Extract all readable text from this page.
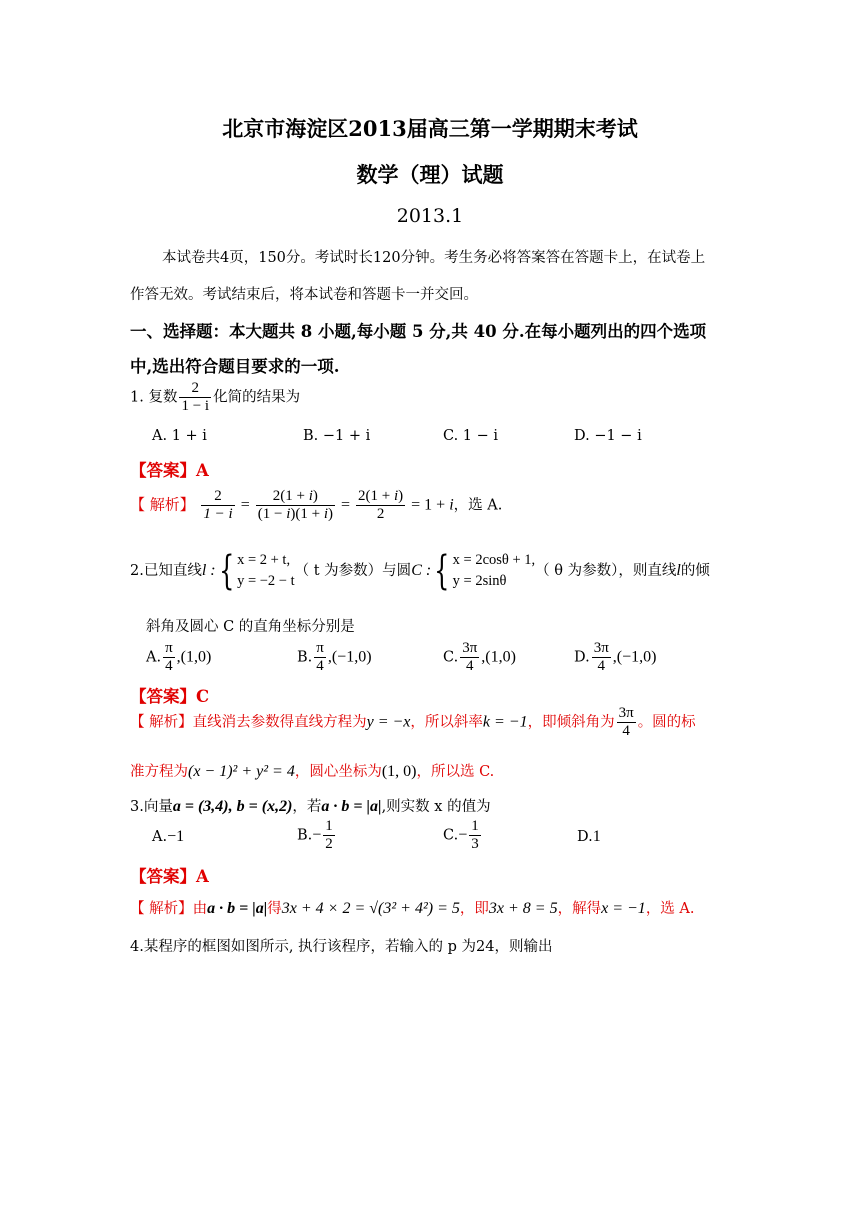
北京市海淀区2013届高三第一学期期末考试
数学（理）试题
2013.1
本试卷共4页，150分。考试时长120分钟。考生务必将答案答在答题卡上，在试卷上
作答无效。考试结束后，将本试卷和答题卡一并交回。
一、选择题：本大题共 8 小题,每小题 5 分,共 40 分.在每小题列出的四个选项
中,选出符合题目要求的一项.
1. 复数 $\frac{2}{1 - i}$ 化简的结果为
A. 1 + i	B. −1 + i	C. 1 − i	D. −1 − i
【答案】A
【 解析】 $\frac{2}{1 - i} = \frac{2(1 + i)}{(1 - i)(1 + i)} = \frac{2(1 + i)}{2} = 1 + i$，选 A.
2.已知直线l :{ x = 2 + t,
y = −2 − t
（ t 为参数）与圆C :{ x = 2cosθ + 1,
y = 2sinθ
（ θ 为参数），则直线l的倾
斜角及圆心 C 的直角坐标分别是
A. $\frac{\pi}{4} ,(1,0)$	B. $\frac{\pi}{4} ,(-1,0)$	C. $\frac{3\pi}{4} ,(1,0)$	D. $\frac{3\pi}{4} ,(-1,0)$
【答案】C
【 解析】直线消去参数得直线方程为y = −x，所以斜率k = −1，即倾斜角为 $\frac{3\pi}{4}$ 。圆的标
准方程为(x − 1)² + y² = 4，圆心坐标为(1, 0)，所以选 C.
3.向量a = (3,4), b = (x,2)，若a · b = |a|,则实数 x 的值为
A.−1	$B.- \frac{1}{2}$	$C.- \frac{1}{3}$	D.1
【答案】A
【 解析】由a · b = |a|得3x + 4 × 2 = √(3² + 4²) = 5，即3x + 8 = 5，解得x = −1，选 A.
4.某程序的框图如图所示, 执行该程序，若输入的 p 为24，则输出
